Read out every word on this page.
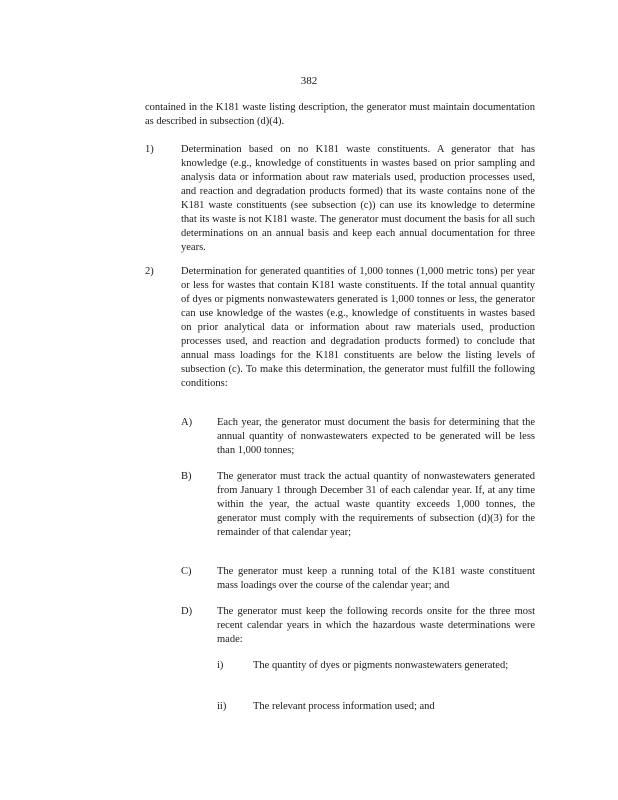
382
contained in the K181 waste listing description, the generator must maintain documentation as described in subsection (d)(4).
1)	Determination based on no K181 waste constituents. A generator that has knowledge (e.g., knowledge of constituents in wastes based on prior sampling and analysis data or information about raw materials used, production processes used, and reaction and degradation products formed) that its waste contains none of the K181 waste constituents (see subsection (c)) can use its knowledge to determine that its waste is not K181 waste. The generator must document the basis for all such determinations on an annual basis and keep each annual documentation for three years.
2)	Determination for generated quantities of 1,000 tonnes (1,000 metric tons) per year or less for wastes that contain K181 waste constituents. If the total annual quantity of dyes or pigments nonwastewaters generated is 1,000 tonnes or less, the generator can use knowledge of the wastes (e.g., knowledge of constituents in wastes based on prior analytical data or information about raw materials used, production processes used, and reaction and degradation products formed) to conclude that annual mass loadings for the K181 constituents are below the listing levels of subsection (c). To make this determination, the generator must fulfill the following conditions:
A) Each year, the generator must document the basis for determining that the annual quantity of nonwastewaters expected to be generated will be less than 1,000 tonnes;
B) The generator must track the actual quantity of nonwastewaters generated from January 1 through December 31 of each calendar year. If, at any time within the year, the actual waste quantity exceeds 1,000 tonnes, the generator must comply with the requirements of subsection (d)(3) for the remainder of that calendar year;
C) The generator must keep a running total of the K181 waste constituent mass loadings over the course of the calendar year; and
D) The generator must keep the following records onsite for the three most recent calendar years in which the hazardous waste determinations were made:
i)	The quantity of dyes or pigments nonwastewaters generated;
ii)	The relevant process information used; and
